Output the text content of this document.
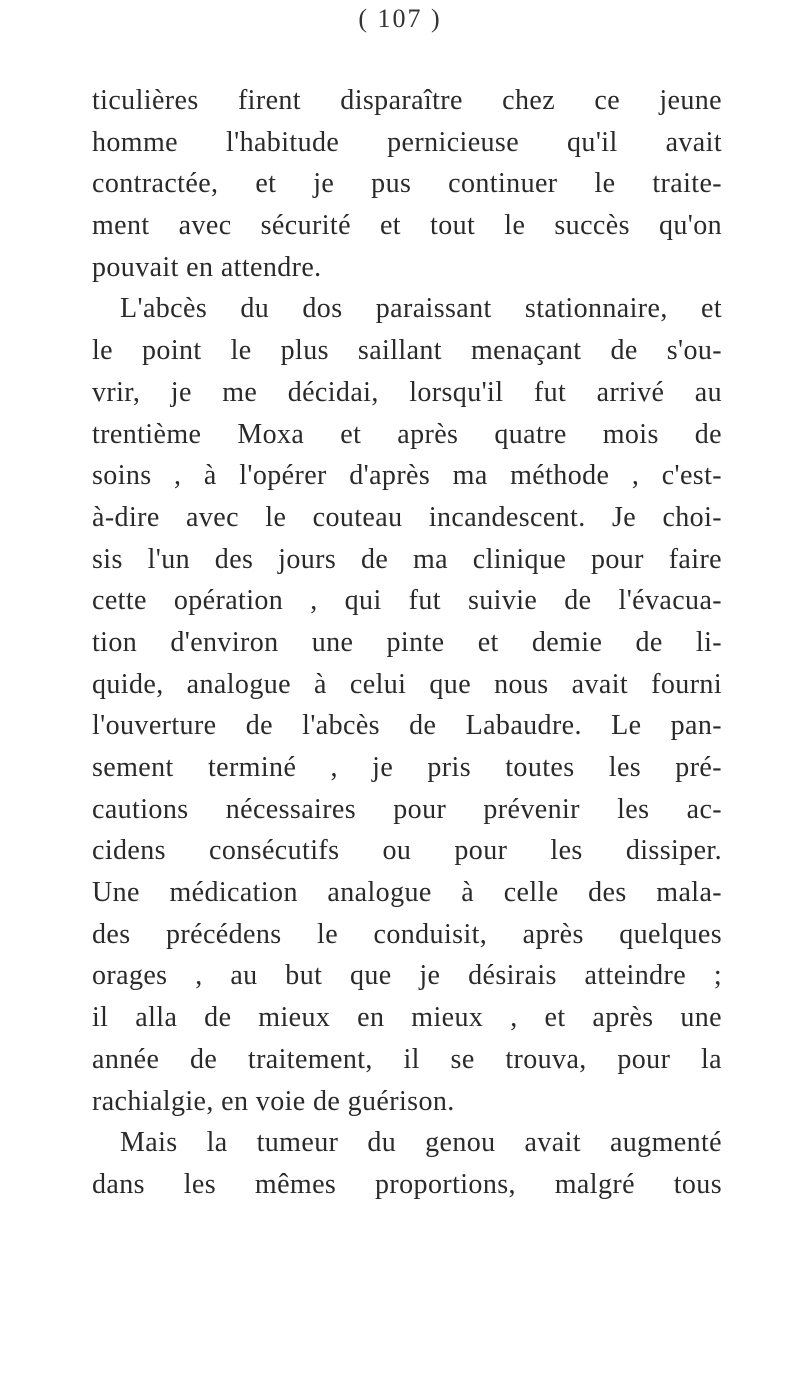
( 107 )
ticulières firent disparaître chez ce jeune
homme l'habitude pernicieuse qu'il avait
contractée, et je pus continuer le traite-
ment avec sécurité et tout le succès qu'on
pouvait en attendre.
L'abcès du dos paraissant stationnaire, et
le point le plus saillant menaçant de s'ou-
vrir, je me décidai, lorsqu'il fut arrivé au
trentième Moxa et après quatre mois de
soins , à l'opérer d'après ma méthode , c'est-
à-dire avec le couteau incandescent. Je choi-
sis l'un des jours de ma clinique pour faire
cette opération , qui fut suivie de l'évacua-
tion d'environ une pinte et demie de li-
quide, analogue à celui que nous avait fourni
l'ouverture de l'abcès de Labaudre. Le pan-
sement terminé , je pris toutes les pré-
cautions nécessaires pour prévenir les ac-
cidens consécutifs ou pour les dissiper.
Une médication analogue à celle des mala-
des précédens le conduisit, après quelques
orages , au but que je désirais atteindre ;
il alla de mieux en mieux , et après une
année de traitement, il se trouva, pour la
rachialgie, en voie de guérison.
Mais la tumeur du genou avait augmenté
dans les mêmes proportions, malgré tous
